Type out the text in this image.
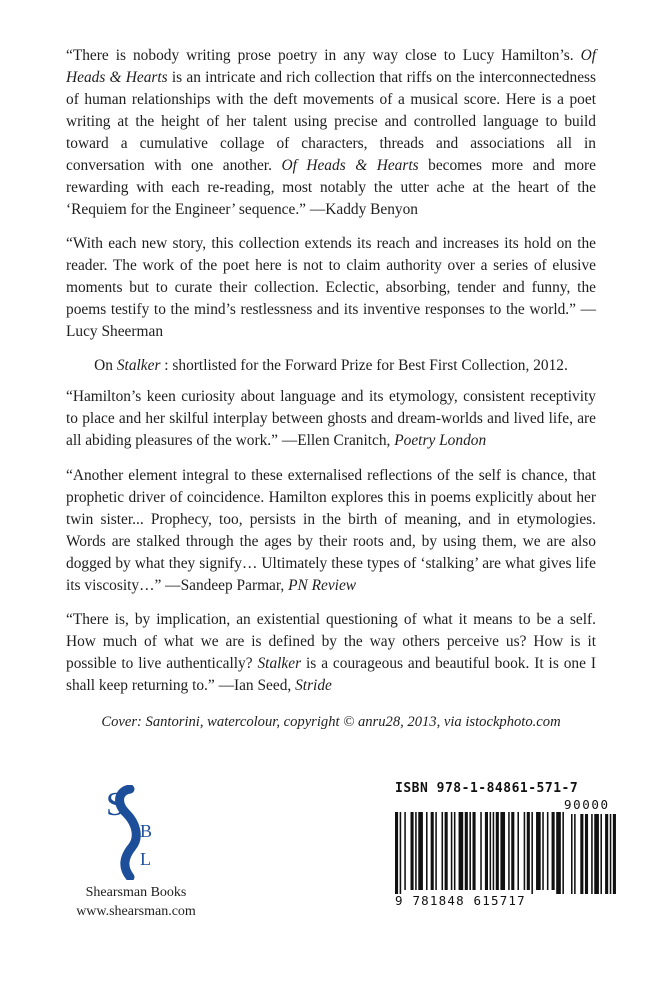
“There is nobody writing prose poetry in any way close to Lucy Hamilton’s. Of Heads & Hearts is an intricate and rich collection that riffs on the interconnectedness of human relationships with the deft movements of a musical score. Here is a poet writing at the height of her talent using precise and controlled language to build toward a cumulative collage of characters, threads and associations all in conversation with one another. Of Heads & Hearts becomes more and more rewarding with each re-reading, most notably the utter ache at the heart of the ‘Requiem for the Engineer’ sequence.” —Kaddy Benyon

“With each new story, this collection extends its reach and increases its hold on the reader. The work of the poet here is not to claim authority over a series of elusive moments but to curate their collection. Eclectic, absorbing, tender and funny, the poems testify to the mind’s restlessness and its inventive responses to the world.” —Lucy Sheerman

On Stalker : shortlisted for the Forward Prize for Best First Collection, 2012.

“Hamilton’s keen curiosity about language and its etymology, consistent receptivity to place and her skilful interplay between ghosts and dream-worlds and lived life, are all abiding pleasures of the work.” —Ellen Cranitch, Poetry London

“Another element integral to these externalised reflections of the self is chance, that prophetic driver of coincidence. Hamilton explores this in poems explicitly about her twin sister... Prophecy, too, persists in the birth of meaning, and in etymologies. Words are stalked through the ages by their roots and, by using them, we are also dogged by what they signify… Ultimately these types of ‘stalking’ are what gives life its viscosity…” —Sandeep Parmar, PN Review

“There is, by implication, an existential questioning of what it means to be a self. How much of what we are is defined by the way others perceive us? How is it possible to live authentically? Stalker is a courageous and beautiful book. It is one I shall keep returning to.” —Ian Seed, Stride

Cover: Santorini, watercolour, copyright © anru28, 2013, via istockphoto.com
S
B
L
Shearsman Books
www.shearsman.com
ISBN 978-1-84861-571-7
90000
9 781848 615717
